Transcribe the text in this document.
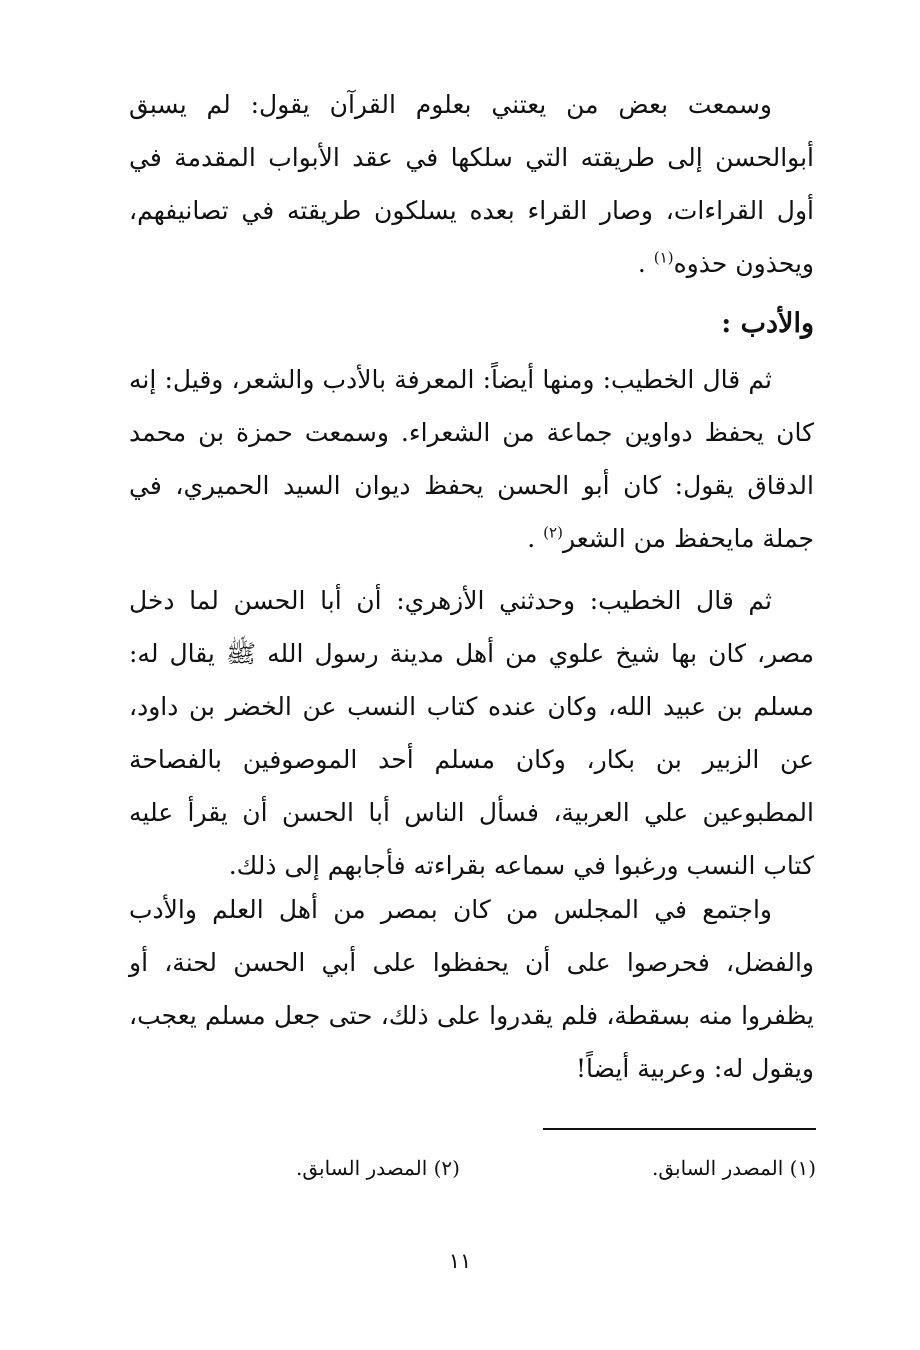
وسمعت بعض من يعتني بعلوم القرآن يقول: لم يسبق أبوالحسن إلى طريقته التي سلكها في عقد الأبواب المقدمة في أول القراءات، وصار القراء بعده يسلكون طريقته في تصانيفهم، ويحذون حذوه$^{(١)}$ .

والأدب :

ثم قال الخطيب: ومنها أيضاً: المعرفة بالأدب والشعر، وقيل: إنه كان يحفظ دواوين جماعة من الشعراء. وسمعت حمزة بن محمد الدقاق يقول: كان أبو الحسن يحفظ ديوان السيد الحميري، في جملة مايحفظ من الشعر$^{(٢)}$ .

ثم قال الخطيب: وحدثني الأزهري: أن أبا الحسن لما دخل مصر، كان بها شيخ علوي من أهل مدينة رسول الله ﷺ يقال له: مسلم بن عبيد الله، وكان عنده كتاب النسب عن الخضر بن داود، عن الزبير بن بكار، وكان مسلم أحد الموصوفين بالفصاحة المطبوعين علي العربية، فسأل الناس أبا الحسن أن يقرأ عليه كتاب النسب ورغبوا في سماعه بقراءته فأجابهم إلى ذلك.

واجتمع في المجلس من كان بمصر من أهل العلم والأدب والفضل، فحرصوا على أن يحفظوا على أبي الحسن لحنة، أو يظفروا منه بسقطة، فلم يقدروا على ذلك، حتى جعل مسلم يعجب، ويقول له: وعربية أيضاً!

(١) المصدر السابق.
(٢) المصدر السابق.
١١
